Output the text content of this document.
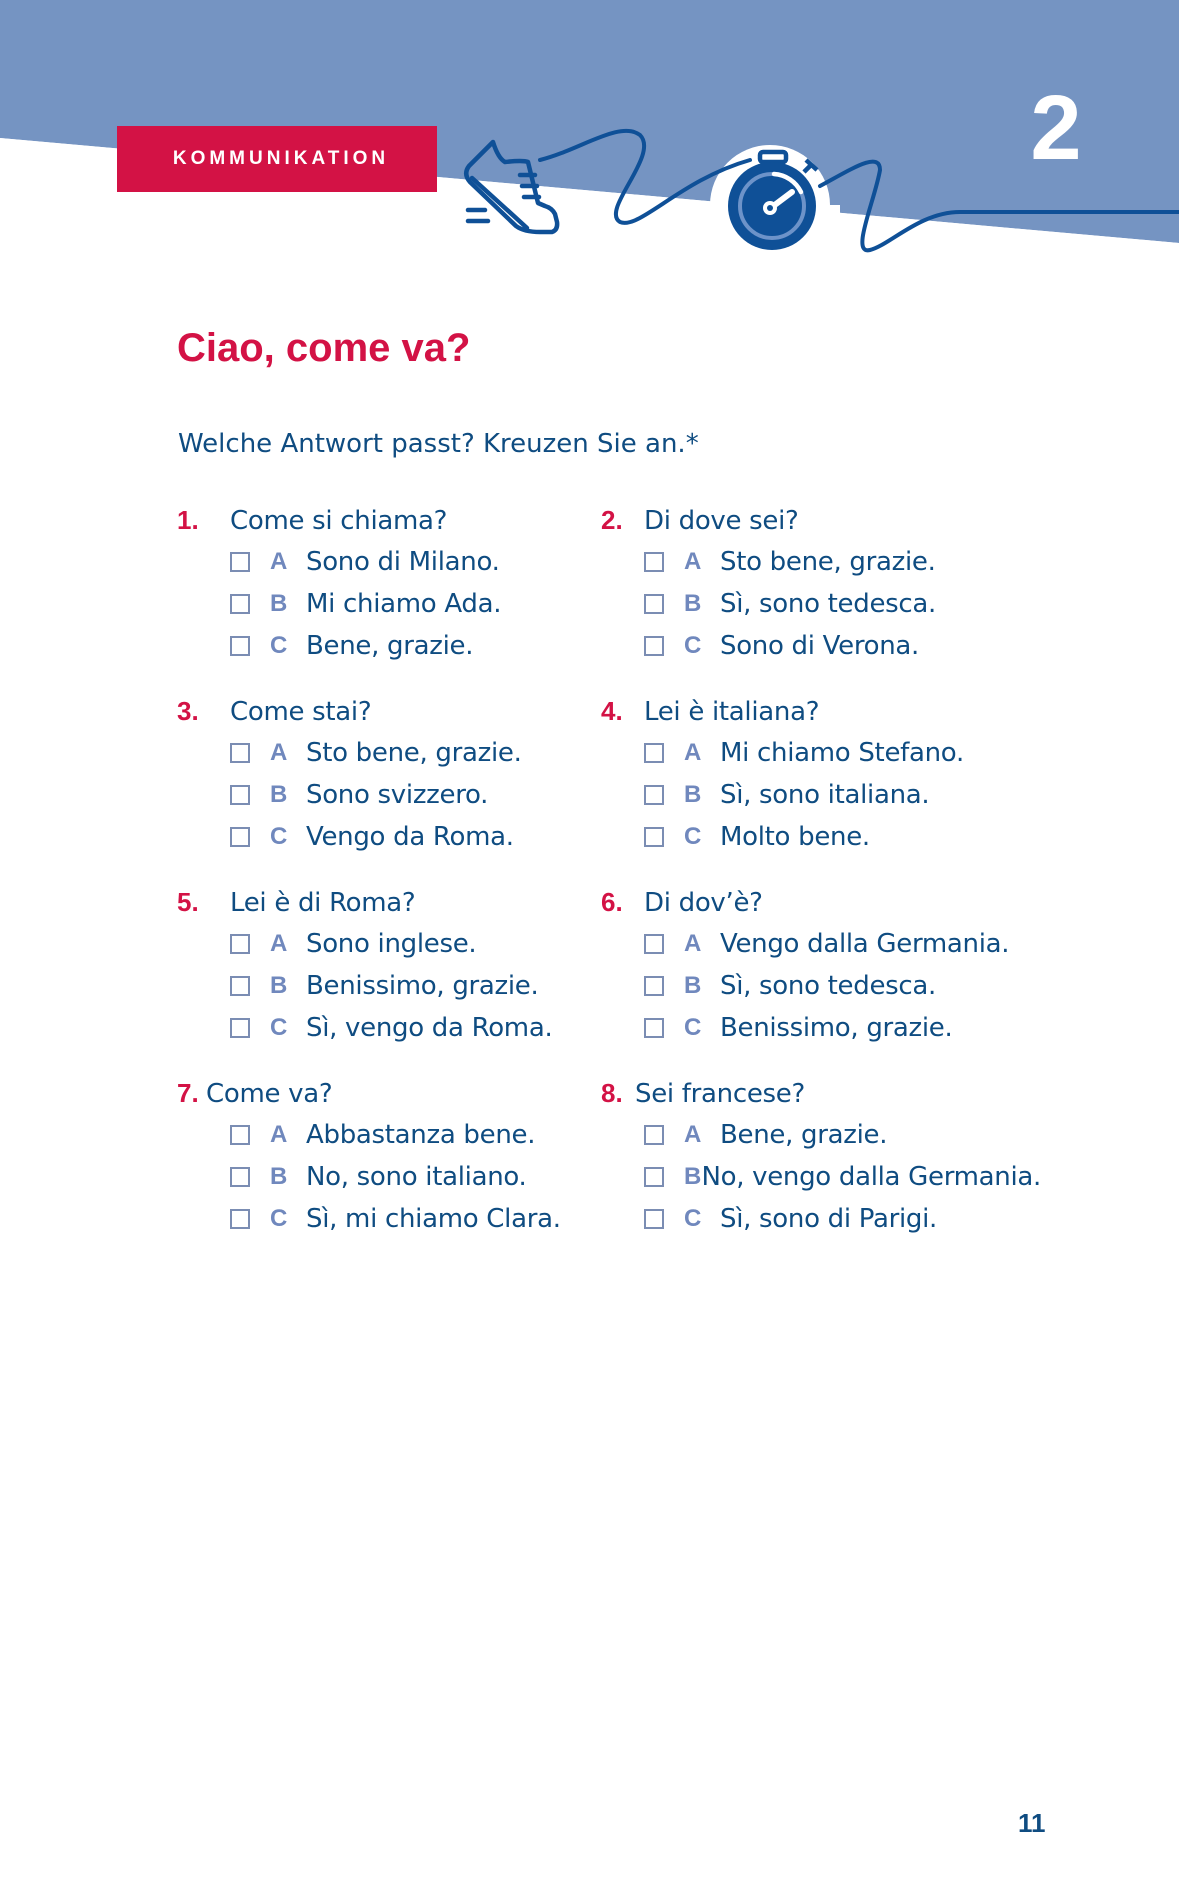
KOMMUNIKATION	2
Ciao, come va?
Welche Antwort passt? Kreuzen Sie an.*
1.	Come si chiama?
A Sono di Milano.
B Mi chiamo Ada.
C Bene, grazie.
2. Di dove sei?
A Sto bene, grazie.
B Sì, sono tedesca.
C Sono di Verona.
3.	Come stai?
A Sto bene, grazie.
B Sono svizzero.
C Vengo da Roma.
4. Lei è italiana?
A Mi chiamo Stefano.
B Sì, sono italiana.
C Molto bene.
5.	Lei è di Roma?
A Sono inglese.
B Benissimo, grazie.
C Sì, vengo da Roma.
6. Di dov’è?
A Vengo dalla Germania.
B Sì, sono tedesca.
C Benissimo, grazie.
7. Come va?
A Abbastanza bene.
B No, sono italiano.
C Sì, mi chiamo Clara.
8. Sei francese?
A Bene, grazie.
B No, vengo dalla Germania.
C Sì, sono di Parigi.
11
